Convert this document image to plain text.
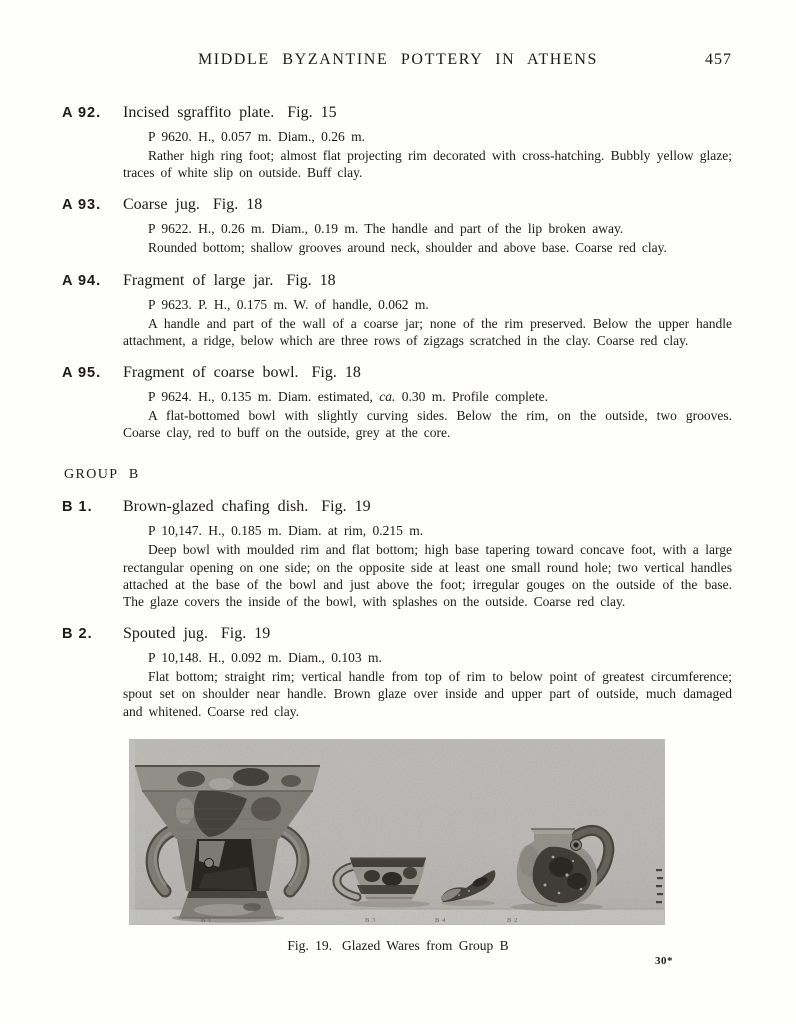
MIDDLE BYZANTINE POTTERY IN ATHENS	457
A 92. Incised sgraffito plate. Fig. 15
P 9620. H., 0.057 m. Diam., 0.26 m.

Rather high ring foot; almost flat projecting rim decorated with cross-hatching. Bubbly yellow glaze; traces of white slip on outside. Buff clay.

A 93. Coarse jug. Fig. 18
P 9622. H., 0.26 m. Diam., 0.19 m. The handle and part of the lip broken away.

Rounded bottom; shallow grooves around neck, shoulder and above base. Coarse red clay.

A 94. Fragment of large jar. Fig. 18
P 9623. P. H., 0.175 m. W. of handle, 0.062 m.

A handle and part of the wall of a coarse jar; none of the rim preserved. Below the upper handle attachment, a ridge, below which are three rows of zigzags scratched in the clay. Coarse red clay.

A 95. Fragment of coarse bowl. Fig. 18
P 9624. H., 0.135 m. Diam. estimated, ca. 0.30 m. Profile complete.

A flat-bottomed bowl with slightly curving sides. Below the rim, on the outside, two grooves. Coarse clay, red to buff on the outside, grey at the core.

GROUP B
B 1. Brown-glazed chafing dish. Fig. 19
P 10,147. H., 0.185 m. Diam. at rim, 0.215 m.

Deep bowl with moulded rim and flat bottom; high base tapering toward concave foot, with a large rectangular opening on one side; on the opposite side at least one small round hole; two vertical handles attached at the base of the bowl and just above the foot; irregular gouges on the outside of the base. The glaze covers the inside of the bowl, with splashes on the outside. Coarse red clay.

B 2. Spouted jug. Fig. 19
P 10,148. H., 0.092 m. Diam., 0.103 m.

Flat bottom; straight rim; vertical handle from top of rim to below point of greatest circumference; spout set on shoulder near handle. Brown glaze over inside and upper part of outside, much damaged and whitened. Coarse red clay.

B 1	B 3	B 4	B 2
Fig. 19. Glazed Wares from Group B
30*
